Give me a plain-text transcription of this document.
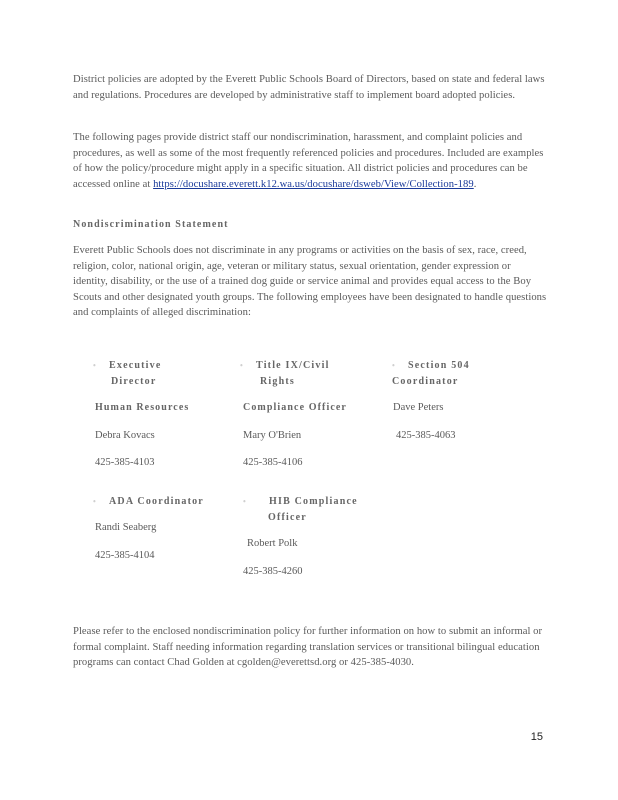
District policies are adopted by the Everett Public Schools Board of Directors, based on state and federal laws and regulations. Procedures are developed by administrative staff to implement board adopted policies.

The following pages provide district staff our nondiscrimination, harassment, and complaint policies and procedures, as well as some of the most frequently referenced policies and procedures. Included are examples of how the policy/procedure might apply in a specific situation. All district policies and procedures can be accessed online at https://docushare.everett.k12.wa.us/docushare/dsweb/View/Collection-189.

Nondiscrimination Statement

Everett Public Schools does not discriminate in any programs or activities on the basis of sex, race, creed, religion, color, national origin, age, veteran or military status, sexual orientation, gender expression or identity, disability, or the use of a trained dog guide or service animal and provides equal access to the Boy Scouts and other designated youth groups. The following employees have been designated to handle questions and complaints of alleged discrimination:

• Executive
Director
Human Resources
Debra Kovacs
425-385-4103
• Title IX/Civil
Rights
Compliance Officer
Mary O'Brien
425-385-4106
• Section 504
Coordinator
Dave Peters
425-385-4063
• ADA Coordinator
Randi Seaberg
425-385-4104
• HIB Compliance
Officer
Robert Polk
425-385-4260

Please refer to the enclosed nondiscrimination policy for further information on how to submit an informal or formal complaint. Staff needing information regarding translation services or transitional bilingual education programs can contact Chad Golden at cgolden@everettsd.org or 425-385-4030.

15
